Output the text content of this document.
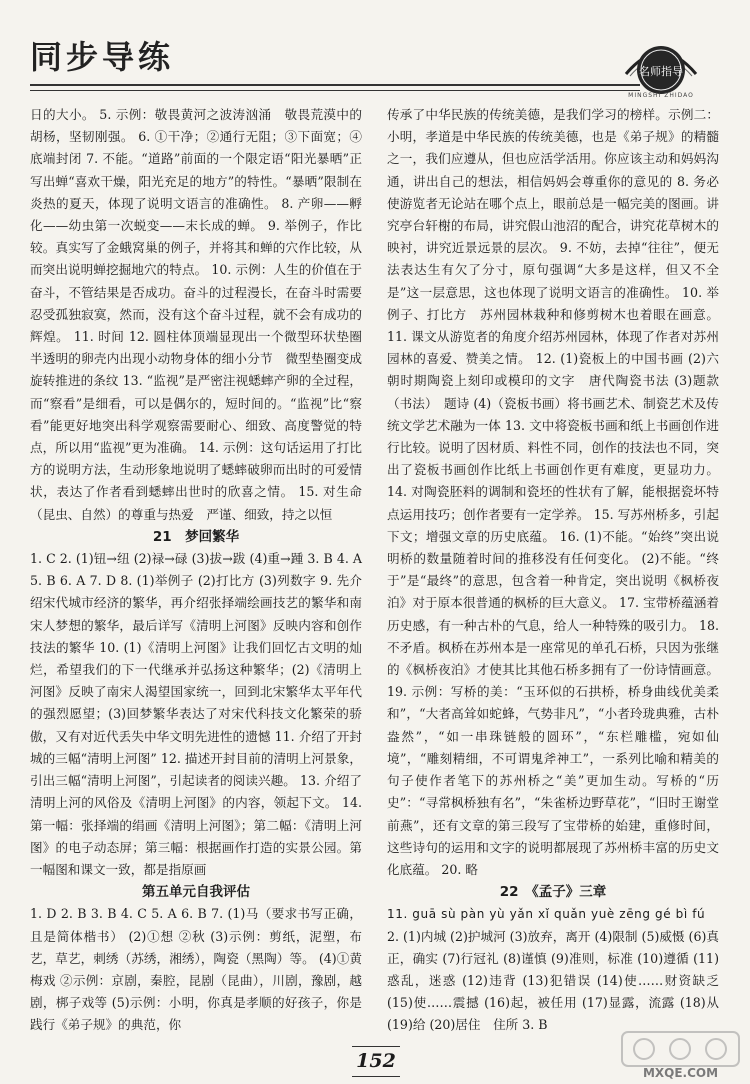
同步导练	名师指导
MINGSHI ZHIDAO

日的大小。 5. 示例：敬畏黄河之波涛汹涌　敬畏荒漠中的胡杨，坚韧刚强。 6. ①干净；②通行无阻；③下面宽；④底端封闭 7. 不能。“道路”前面的一个限定语“阳光暴晒”正写出蝉“喜欢干燥，阳光充足的地方”的特性。“暴晒”限制在炎热的夏天，体现了说明文语言的准确性。 8. 产卵——孵化——幼虫第一次蜕变——末长成的蝉。 9. 举例子，作比较。真实写了金蛾窝巢的例子，并将其和蝉的穴作比较，从而突出说明蝉挖掘地穴的特点。 10. 示例：人生的价值在于奋斗，不管结果是否成功。奋斗的过程漫长，在奋斗时需要忍受孤独寂寞，然而，没有这个奋斗过程，就不会有成功的辉煌。 11. 时间 12. 圆柱体顶端显现出一个微型环状垫圈　半透明的卵壳内出现小动物身体的细小分节　微型垫圈变成旋转推进的条纹 13. “监视”是严密注视蟋蟀产卵的全过程，而“察看”是细看，可以是偶尔的，短时间的。“监视”比“察看”能更好地突出科学观察需要耐心、细致、高度警觉的特点，所以用“监视”更为准确。 14. 示例：这句话运用了打比方的说明方法，生动形象地说明了蟋蟀破卵而出时的可爱情状，表达了作者看到蟋蟀出世时的欣喜之情。 15. 对生命（昆虫、自然）的尊重与热爱　严谨、细致，持之以恒

21　梦回繁华

1. C 2. (1)钮→纽 (2)禄→碌 (3)拔→跋 (4)重→踵 3. B 4. A 5. B 6. A 7. D 8. (1)举例子 (2)打比方 (3)列数字 9. 先介绍宋代城市经济的繁华，再介绍张择端绘画技艺的繁华和南宋人梦想的繁华，最后详写《清明上河图》反映内容和创作技法的繁华 10. (1)《清明上河图》让我们回忆古文明的灿烂，希望我们的下一代继承并弘扬这种繁华；(2)《清明上河图》反映了南宋人渴望国家统一，回到北宋繁华太平年代的强烈愿望；(3)回梦繁华表达了对宋代科技文化繁荣的骄傲，又有对近代丢失中华文明先进性的遗憾 11. 介绍了开封城的三幅“清明上河图” 12. 描述开封目前的清明上河景象，引出三幅“清明上河图”，引起读者的阅读兴趣。 13. 介绍了清明上河的风俗及《清明上河图》的内容，领起下文。 14. 第一幅：张择端的绢画《清明上河图》；第二幅：《清明上河图》的电子动态屏；第三幅：根据画作打造的实景公园。第一幅图和课文一致，都是指原画

第五单元自我评估

1. D 2. B 3. B 4. C 5. A 6. B 7. (1)马（要求书写正确，且是简体楷书） (2)①想 ②秋 (3)示例：剪纸，泥塑，布艺，草艺，刺绣（苏绣，湘绣），陶瓷（黑陶）等。 (4)①黄梅戏 ②示例：京剧，秦腔，昆剧（昆曲），川剧，豫剧，越剧，梆子戏等 (5)示例：小明，你真是孝顺的好孩子，你是践行《弟子规》的典范，你

传承了中华民族的传统美德，是我们学习的榜样。示例二：小明，孝道是中华民族的传统美德，也是《弟子规》的精髓之一，我们应遵从，但也应活学活用。你应该主动和妈妈沟通，讲出自己的想法，相信妈妈会尊重你的意见的 8. 务必使游览者无论站在哪个点上，眼前总是一幅完美的图画。讲究亭台轩榭的布局，讲究假山池沼的配合，讲究花草树木的映衬，讲究近景远景的层次。 9. 不妨，去掉“往往”，便无法表达生有欠了分寸，原句强调“大多是这样，但又不全是”这一层意思，这也体现了说明文语言的准确性。 10. 举例子、打比方　苏州园林栽种和修剪树木也着眼在画意。 11. 课文从游览者的角度介绍苏州园林，体现了作者对苏州园林的喜爱、赞美之情。 12. (1)瓷板上的中国书画 (2)六朝时期陶瓷上刻印或模印的文字　唐代陶瓷书法 (3)题款（书法）　题诗 (4)（瓷板书画）将书画艺术、制瓷艺术及传统文学艺术融为一体 13. 文中将瓷板书画和纸上书画创作进行比较。说明了因材质、料性不同，创作的技法也不同，突出了瓷板书画创作比纸上书画创作更有难度，更显功力。 14. 对陶瓷胚料的调制和瓷坯的性状有了解，能根据瓷坏特点运用技巧；创作者要有一定学养。 15. 写苏州桥多，引起下文；增强文章的历史底蕴。 16. (1)不能。“始终”突出说明桥的数量随着时间的推移没有任何变化。 (2)不能。“终于”是“最终”的意思，包含着一种肯定，突出说明《枫桥夜泊》对于原本很普通的枫桥的巨大意义。 17. 宝带桥蕴涵着历史感，有一种古朴的气息，给人一种特殊的吸引力。 18. 不矛盾。枫桥在苏州本是一座常见的单孔石桥，只因为张继的《枫桥夜泊》才使其比其他石桥多拥有了一份诗情画意。 19. 示例：写桥的美：“玉环似的石拱桥，桥身曲线优美柔和”，“大者高耸如蛇蜂，气势非凡”，“小者玲珑典雅，古朴盎然”，“如一串珠链般的圆环”，“东栏雕槛，宛如仙境”，“雕刻精细，不可谓鬼斧神工”，一系列比喻和精美的句子使作者笔下的苏州桥之“美”更加生动。写桥的“历史”：“寻常枫桥独有名”，“朱雀桥边野草花”，“旧时王谢堂前燕”，还有文章的第三段写了宝带桥的始建，重修时间，这些诗句的运用和文字的说明都展现了苏州桥丰富的历史文化底蕴。 20. 略

22　《孟子》三章

11. guā sù pàn yù yǎn xǐ quǎn yuè zēng gé bì fú

2. (1)内城 (2)护城河 (3)放弃，离开 (4)限制 (5)威慑 (6)真正，确实 (7)行冠礼 (8)谨慎 (9)准则，标准 (10)遵循 (11)惑乱，迷惑 (12)违背 (13)犯错误 (14)使……财资缺乏 (15)使……震撼 (16)起，被任用 (17)显露，流露 (18)从 (19)给 (20)居住　住所 3. B

152
MXQE.COM
